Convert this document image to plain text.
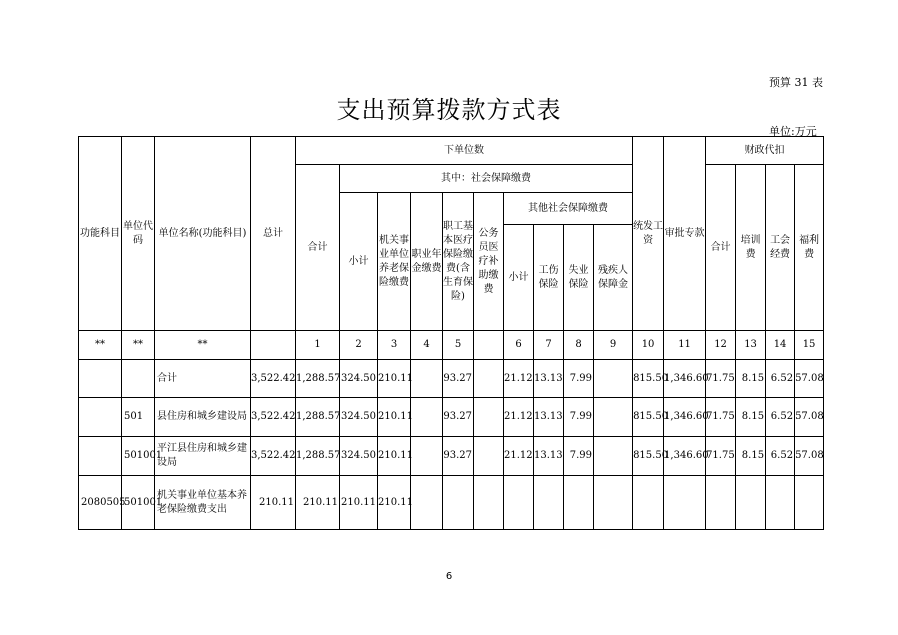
预算 31 表
支出预算拨款方式表
单位:万元
功能科目	单位代码	单位名称(功能科目)	总计	下单位数										统发工资	审批专款	财政代扣			
				合计	其中：社会保障缴费											合计	培训费	工会经费	福利费
					小计	机关事业单位养老保险缴费	职业年金缴费	职工基本医疗保险缴费(含生育保险)	公务员医疗补助缴费	其他社会保障缴费									
										小计	工伤保险	失业保险	残疾人保障金						
**	**	**		1	2	3	4	5		6	7	8	9	10	11	12	13	14	15
		合计	3,522.42	1,288.57	324.50	210.11		93.27		21.12	13.13	7.99		815.50	1,346.60	71.75	8.15	6.52	57.08
	501	县住房和城乡建设局	3,522.42	1,288.57	324.50	210.11		93.27		21.12	13.13	7.99		815.50	1,346.60	71.75	8.15	6.52	57.08
	501001	平江县住房和城乡建设局	3,522.42	1,288.57	324.50	210.11		93.27		21.12	13.13	7.99		815.50	1,346.60	71.75	8.15	6.52	57.08
2080505	501001	机关事业单位基本养老保险缴费支出	210.11	210.11	210.11	210.11													
6
